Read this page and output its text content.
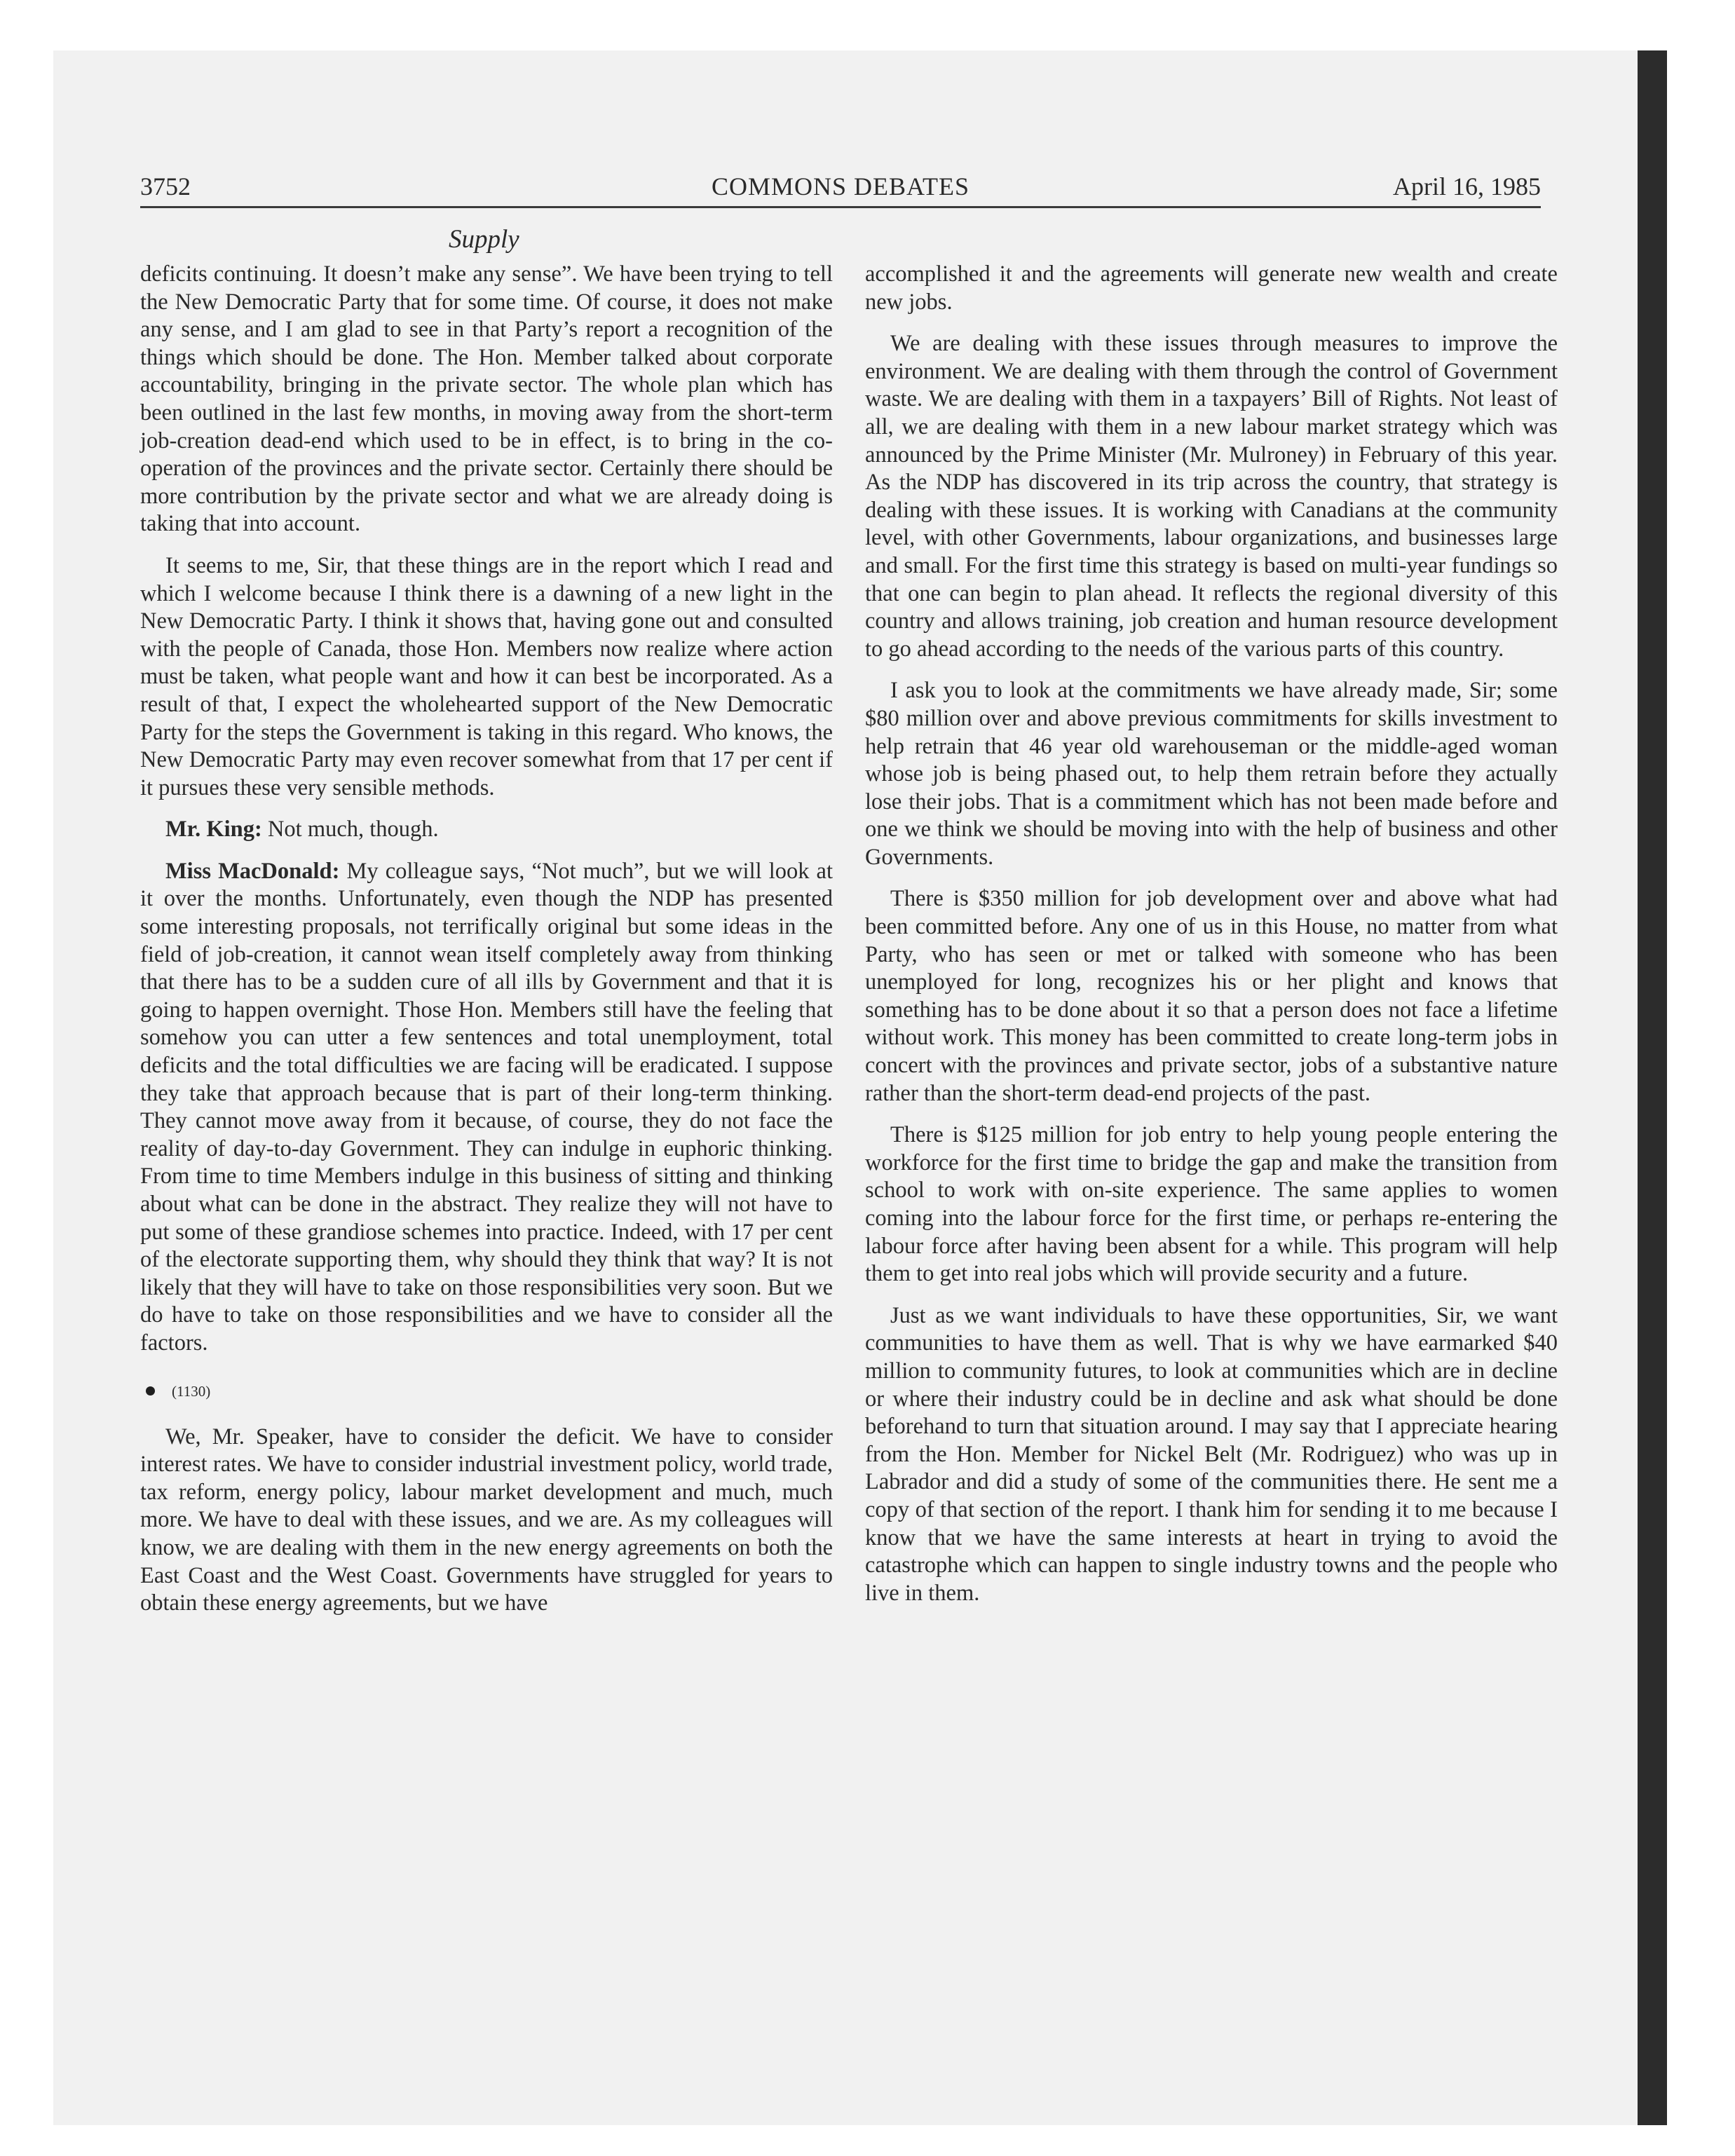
3752	COMMONS DEBATES	April 16, 1985
Supply

deficits continuing. It doesn’t make any sense”. We have been trying to tell the New Democratic Party that for some time. Of course, it does not make any sense, and I am glad to see in that Party’s report a recognition of the things which should be done. The Hon. Member talked about corporate accountability, bringing in the private sector. The whole plan which has been outlined in the last few months, in moving away from the short-term job-creation dead-end which used to be in effect, is to bring in the co-operation of the provinces and the private sector. Certainly there should be more contribution by the private sector and what we are already doing is taking that into account.

It seems to me, Sir, that these things are in the report which I read and which I welcome because I think there is a dawning of a new light in the New Democratic Party. I think it shows that, having gone out and consulted with the people of Canada, those Hon. Members now realize where action must be taken, what people want and how it can best be incorporated. As a result of that, I expect the wholehearted support of the New Democratic Party for the steps the Government is taking in this regard. Who knows, the New Democratic Party may even recover somewhat from that 17 per cent if it pursues these very sensible methods.

Mr. King: Not much, though.

Miss MacDonald: My colleague says, “Not much”, but we will look at it over the months. Unfortunately, even though the NDP has presented some interesting proposals, not terrifically original but some ideas in the field of job-creation, it cannot wean itself completely away from thinking that there has to be a sudden cure of all ills by Government and that it is going to happen overnight. Those Hon. Members still have the feeling that somehow you can utter a few sentences and total unemployment, total deficits and the total difficulties we are facing will be eradicated. I suppose they take that approach because that is part of their long-term thinking. They cannot move away from it because, of course, they do not face the reality of day-to-day Government. They can indulge in euphoric thinking. From time to time Members indulge in this business of sitting and thinking about what can be done in the abstract. They realize they will not have to put some of these grandiose schemes into practice. Indeed, with 17 per cent of the electorate supporting them, why should they think that way? It is not likely that they will have to take on those responsibilities very soon. But we do have to take on those responsibilities and we have to consider all the factors.

(1130)

We, Mr. Speaker, have to consider the deficit. We have to consider interest rates. We have to consider industrial investment policy, world trade, tax reform, energy policy, labour market development and much, much more. We have to deal with these issues, and we are. As my colleagues will know, we are dealing with them in the new energy agreements on both the East Coast and the West Coast. Governments have struggled for years to obtain these energy agreements, but we have

accomplished it and the agreements will generate new wealth and create new jobs.

We are dealing with these issues through measures to improve the environment. We are dealing with them through the control of Government waste. We are dealing with them in a taxpayers’ Bill of Rights. Not least of all, we are dealing with them in a new labour market strategy which was announced by the Prime Minister (Mr. Mulroney) in February of this year. As the NDP has discovered in its trip across the country, that strategy is dealing with these issues. It is working with Canadians at the community level, with other Governments, labour organizations, and businesses large and small. For the first time this strategy is based on multi-year fundings so that one can begin to plan ahead. It reflects the regional diversity of this country and allows training, job creation and human resource development to go ahead according to the needs of the various parts of this country.

I ask you to look at the commitments we have already made, Sir; some $80 million over and above previous commitments for skills investment to help retrain that 46 year old warehouseman or the middle-aged woman whose job is being phased out, to help them retrain before they actually lose their jobs. That is a commitment which has not been made before and one we think we should be moving into with the help of business and other Governments.

There is $350 million for job development over and above what had been committed before. Any one of us in this House, no matter from what Party, who has seen or met or talked with someone who has been unemployed for long, recognizes his or her plight and knows that something has to be done about it so that a person does not face a lifetime without work. This money has been committed to create long-term jobs in concert with the provinces and private sector, jobs of a substantive nature rather than the short-term dead-end projects of the past.

There is $125 million for job entry to help young people entering the workforce for the first time to bridge the gap and make the transition from school to work with on-site experience. The same applies to women coming into the labour force for the first time, or perhaps re-entering the labour force after having been absent for a while. This program will help them to get into real jobs which will provide security and a future.

Just as we want individuals to have these opportunities, Sir, we want communities to have them as well. That is why we have earmarked $40 million to community futures, to look at communities which are in decline or where their industry could be in decline and ask what should be done beforehand to turn that situation around. I may say that I appreciate hearing from the Hon. Member for Nickel Belt (Mr. Rodriguez) who was up in Labrador and did a study of some of the communities there. He sent me a copy of that section of the report. I thank him for sending it to me because I know that we have the same interests at heart in trying to avoid the catastrophe which can happen to single industry towns and the people who live in them.
